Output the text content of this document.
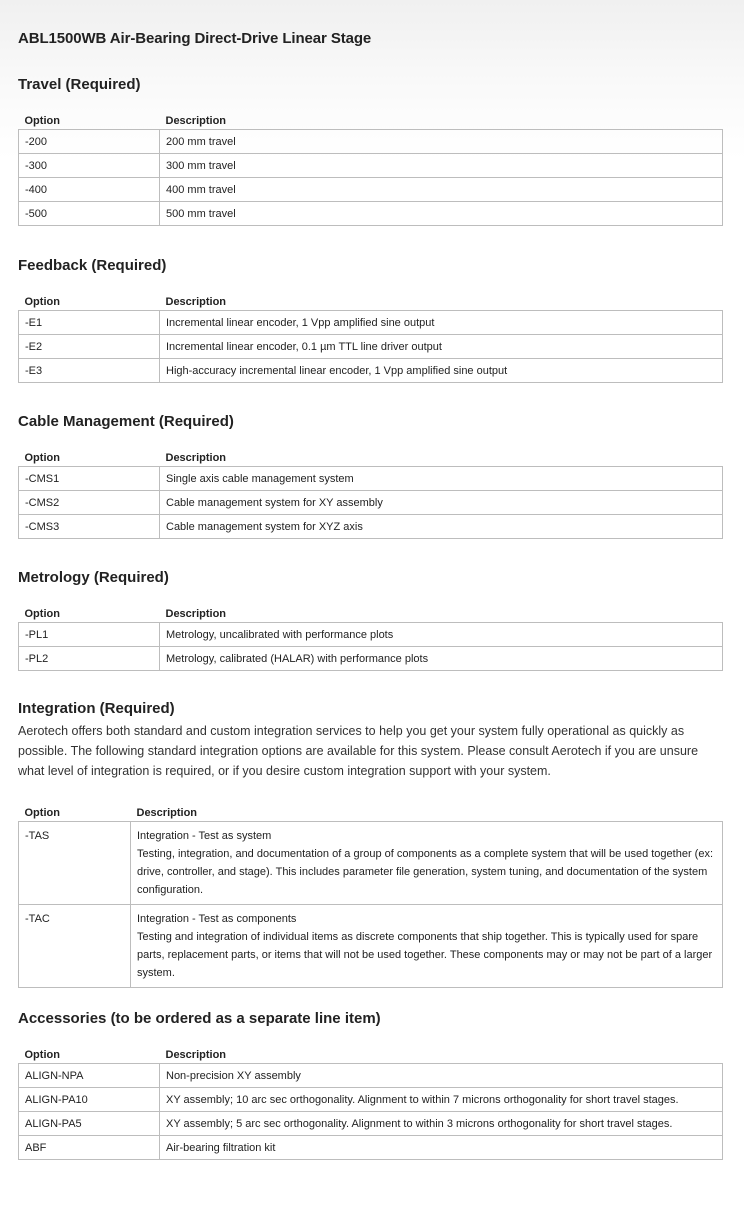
ABL1500WB Air-Bearing Direct-Drive Linear Stage
Travel (Required)
Option	Description
-200	200 mm travel
-300	300 mm travel
-400	400 mm travel
-500	500 mm travel
Feedback (Required)
Option	Description
-E1	Incremental linear encoder, 1 Vpp amplified sine output
-E2	Incremental linear encoder, 0.1 µm TTL line driver output
-E3	High-accuracy incremental linear encoder, 1 Vpp amplified sine output
Cable Management (Required)
Option	Description
-CMS1	Single axis cable management system
-CMS2	Cable management system for XY assembly
-CMS3	Cable management system for XYZ axis
Metrology (Required)
Option	Description
-PL1	Metrology, uncalibrated with performance plots
-PL2	Metrology, calibrated (HALAR) with performance plots
Integration (Required)

Aerotech offers both standard and custom integration services to help you get your system fully operational as quickly as possible. The following standard integration options are available for this system. Please consult Aerotech if you are unsure what level of integration is required, or if you desire custom integration support with your system.

Option	Description
-TAS	Integration - Test as system
Testing, integration, and documentation of a group of components as a complete system that will be used together (ex: drive, controller, and stage). This includes parameter file generation, system tuning, and documentation of the system configuration.

-TAC	Integration - Test as components
Testing and integration of individual items as discrete components that ship together. This is typically used for spare parts, replacement parts, or items that will not be used together. These components may or may not be part of a larger system.
Accessories (to be ordered as a separate line item)
Option	Description
ALIGN-NPA	Non-precision XY assembly
ALIGN-PA10	XY assembly; 10 arc sec orthogonality. Alignment to within 7 microns orthogonality for short travel stages.
ALIGN-PA5	XY assembly; 5 arc sec orthogonality. Alignment to within 3 microns orthogonality for short travel stages.
ABF	Air-bearing filtration kit
